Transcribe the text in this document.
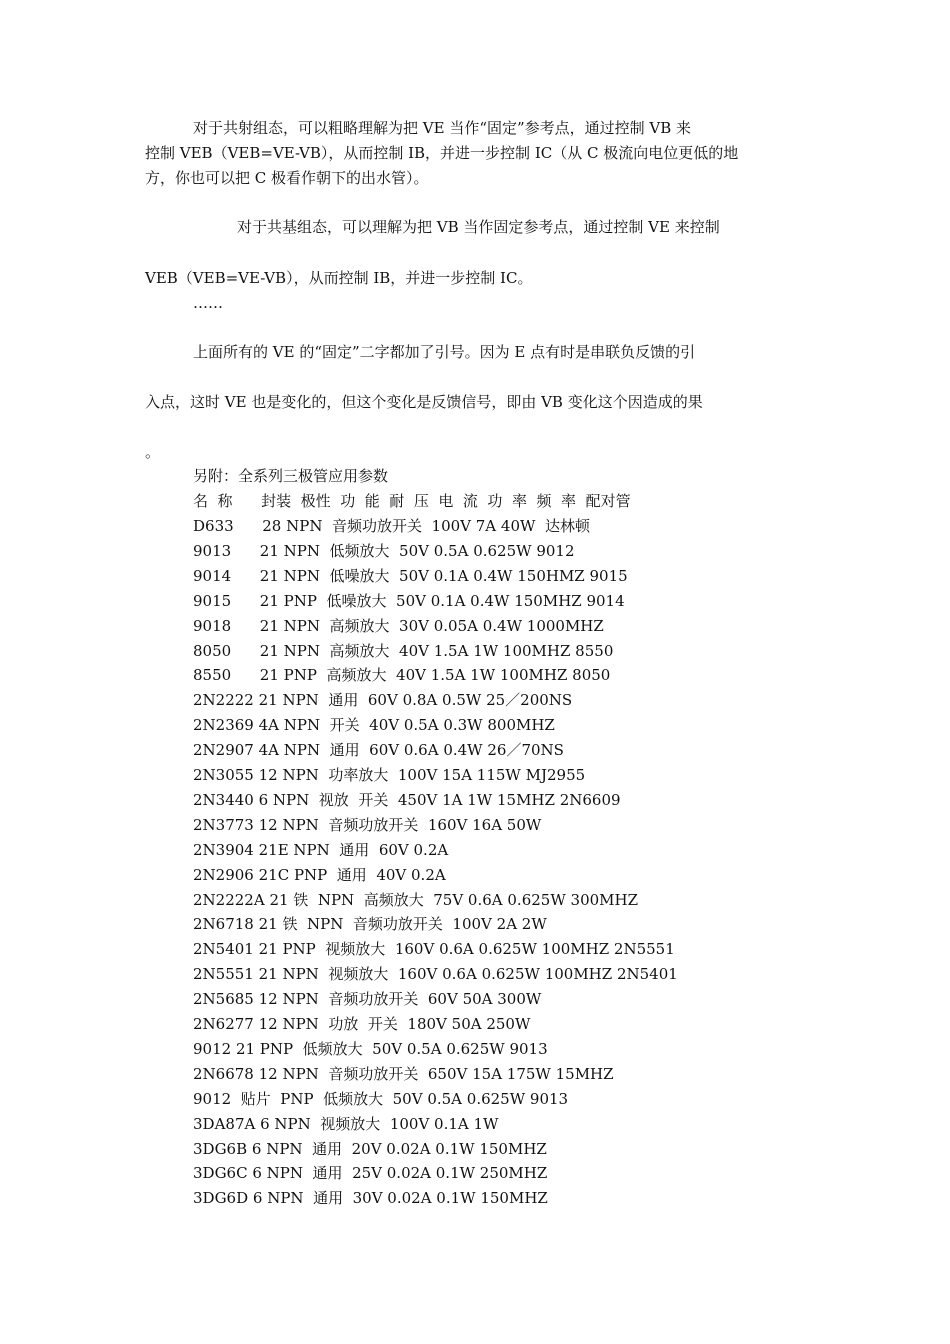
对于共射组态，可以粗略理解为把 VE 当作“固定”参考点，通过控制 VB 来
控制 VEB（VEB=VE-VB），从而控制 IB，并进一步控制 IC（从 C 极流向电位更低的地
方，你也可以把 C 极看作朝下的出水管）。
对于共基组态，可以理解为把 VB 当作固定参考点，通过控制 VE 来控制
VEB（VEB=VE-VB），从而控制 IB，并进一步控制 IC。
……
上面所有的 VE 的“固定”二字都加了引号。因为 E 点有时是串联负反馈的引
入点，这时 VE 也是变化的，但这个变化是反馈信号，即由 VB 变化这个因造成的果
。
另附：全系列三极管应用参数
名  称      封装  极性  功  能  耐  压  电  流  功  率  频  率  配对管
D633      28 NPN  音频功放开关  100V 7A 40W  达林顿
9013      21 NPN  低频放大  50V 0.5A 0.625W 9012
9014      21 NPN  低噪放大  50V 0.1A 0.4W 150HMZ 9015
9015      21 PNP  低噪放大  50V 0.1A 0.4W 150MHZ 9014
9018      21 NPN  高频放大  30V 0.05A 0.4W 1000MHZ
8050      21 NPN  高频放大  40V 1.5A 1W 100MHZ 8550
8550      21 PNP  高频放大  40V 1.5A 1W 100MHZ 8050
2N2222 21 NPN  通用  60V 0.8A 0.5W 25／200NS
2N2369 4A NPN  开关  40V 0.5A 0.3W 800MHZ
2N2907 4A NPN  通用  60V 0.6A 0.4W 26／70NS
2N3055 12 NPN  功率放大  100V 15A 115W MJ2955
2N3440 6 NPN  视放  开关  450V 1A 1W 15MHZ 2N6609
2N3773 12 NPN  音频功放开关  160V 16A 50W
2N3904 21E NPN  通用  60V 0.2A
2N2906 21C PNP  通用  40V 0.2A
2N2222A 21 铁  NPN  高频放大  75V 0.6A 0.625W 300MHZ
2N6718 21 铁  NPN  音频功放开关  100V 2A 2W
2N5401 21 PNP  视频放大  160V 0.6A 0.625W 100MHZ 2N5551
2N5551 21 NPN  视频放大  160V 0.6A 0.625W 100MHZ 2N5401
2N5685 12 NPN  音频功放开关  60V 50A 300W
2N6277 12 NPN  功放  开关  180V 50A 250W
9012 21 PNP  低频放大  50V 0.5A 0.625W 9013
2N6678 12 NPN  音频功放开关  650V 15A 175W 15MHZ
9012  贴片  PNP  低频放大  50V 0.5A 0.625W 9013
3DA87A 6 NPN  视频放大  100V 0.1A 1W
3DG6B 6 NPN  通用  20V 0.02A 0.1W 150MHZ
3DG6C 6 NPN  通用  25V 0.02A 0.1W 250MHZ
3DG6D 6 NPN  通用  30V 0.02A 0.1W 150MHZ
